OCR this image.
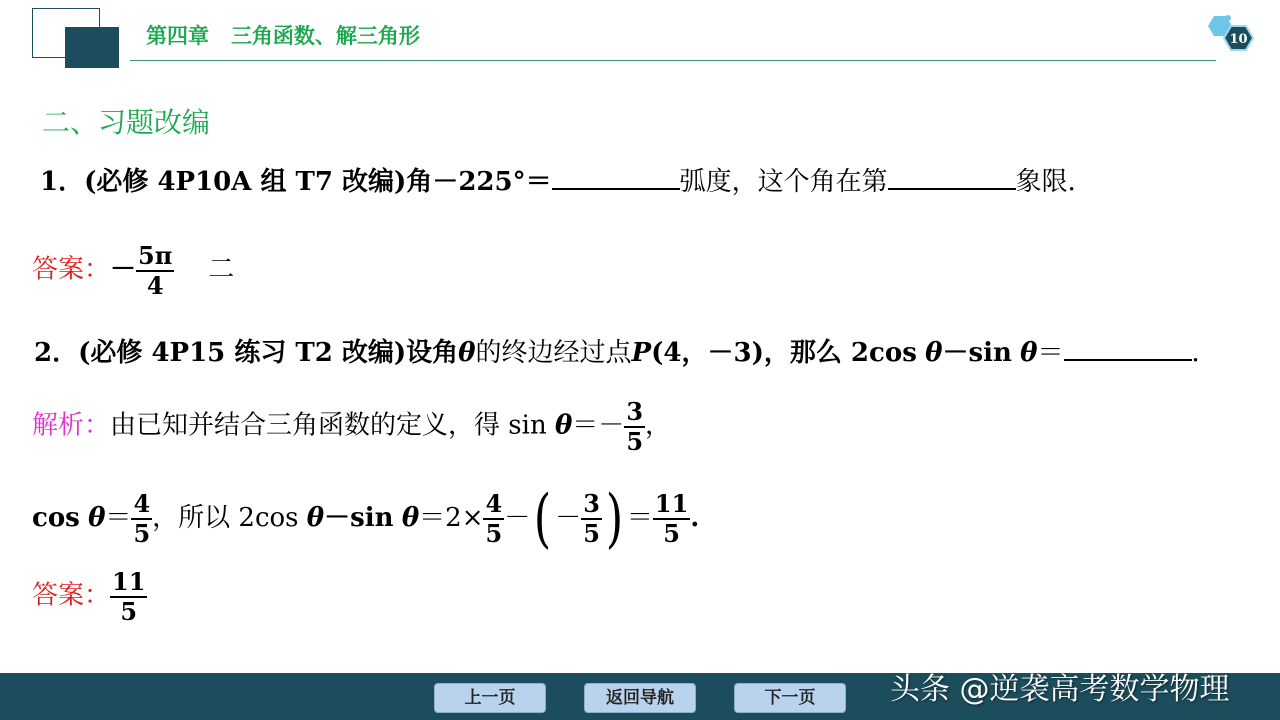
第四章 三角函数、解三角形	10
二、习题改编
1．(必修 4P10A 组 T7 改编)角－225°＝	弧度，这个角在第	象限．
答案：－ $\frac{5\pi}{4}$ 二
2．(必修 4P15 练习 T2 改编)设角θ的终边经过点P(4，－3)，那么 2cos θ－sin θ＝	．
解析：由已知并结合三角函数的定义，得 $\sin \theta=- \frac{3}{5}$ ，
$\cos \theta= \frac{4}{5}$ ，所以 2cos θ－sin $\theta=2\times \frac{4}{5}$ －( － $\frac{3}{5}$ ) ＝ $\frac{11}{5}$ .
答案： $\frac{11}{5}$
上一页	返回导航	下一页	头条 @逆袭高考数学物理
